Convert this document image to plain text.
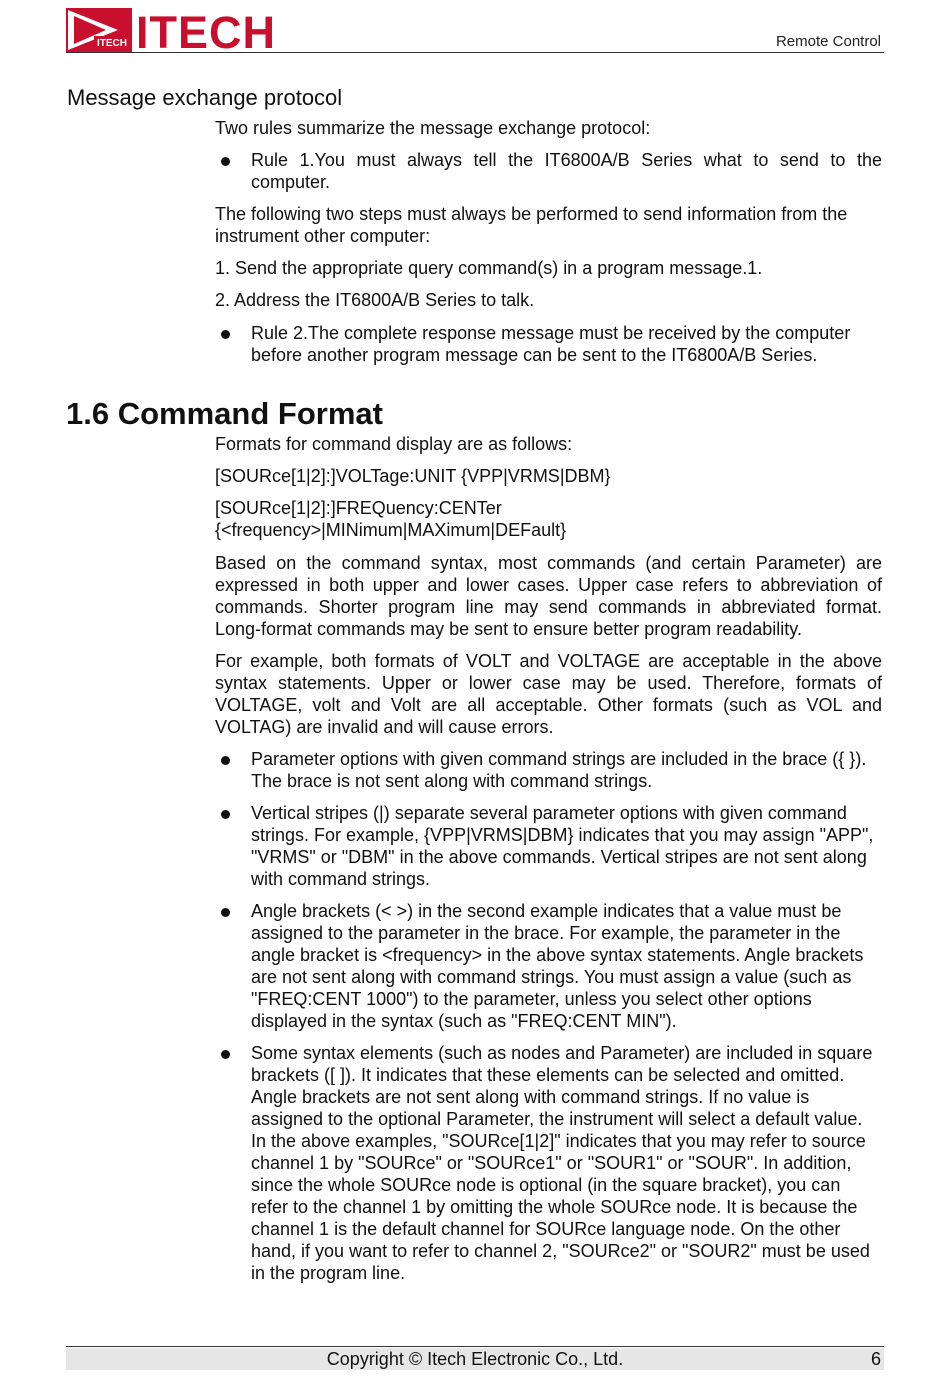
ITECH ITECH	Remote Control
Message exchange protocol
Two rules summarize the message exchange protocol:
Rule 1.You must always tell the IT6800A/B Series what to send to the computer.
The following two steps must always be performed to send information from the instrument other computer:
1. Send the appropriate query command(s) in a program message.1.
2. Address the IT6800A/B Series to talk.
Rule 2.The complete response message must be received by the computer before another program message can be sent to the IT6800A/B Series.
1.6 Command Format
Formats for command display are as follows:
[SOURce[1|2]:]VOLTage:UNIT {VPP|VRMS|DBM}
[SOURce[1|2]:]FREQuency:CENTer
{<frequency>|MINimum|MAXimum|DEFault}
Based on the command syntax, most commands (and certain Parameter) are expressed in both upper and lower cases. Upper case refers to abbreviation of commands. Shorter program line may send commands in abbreviated format. Long-format commands may be sent to ensure better program readability.
For example, both formats of VOLT and VOLTAGE are acceptable in the above syntax statements. Upper or lower case may be used. Therefore, formats of VOLTAGE, volt and Volt are all acceptable. Other formats (such as VOL and VOLTAG) are invalid and will cause errors.
Parameter options with given command strings are included in the brace ({ }). The brace is not sent along with command strings.
Vertical stripes (|) separate several parameter options with given command strings. For example, {VPP|VRMS|DBM} indicates that you may assign "APP", "VRMS" or "DBM" in the above commands. Vertical stripes are not sent along with command strings.
Angle brackets (< >) in the second example indicates that a value must be assigned to the parameter in the brace. For example, the parameter in the angle bracket is <frequency> in the above syntax statements. Angle brackets are not sent along with command strings. You must assign a value (such as "FREQ:CENT 1000") to the parameter, unless you select other options displayed in the syntax (such as "FREQ:CENT MIN").
Some syntax elements (such as nodes and Parameter) are included in square brackets ([ ]). It indicates that these elements can be selected and omitted. Angle brackets are not sent along with command strings. If no value is assigned to the optional Parameter, the instrument will select a default value. In the above examples, "SOURce[1|2]" indicates that you may refer to source channel 1 by "SOURce" or "SOURce1" or "SOUR1" or "SOUR". In addition, since the whole SOURce node is optional (in the square bracket), you can refer to the channel 1 by omitting the whole SOURce node. It is because the channel 1 is the default channel for SOURce language node. On the other hand, if you want to refer to channel 2, "SOURce2" or "SOUR2" must be used in the program line.
Copyright © Itech Electronic Co., Ltd.	6
